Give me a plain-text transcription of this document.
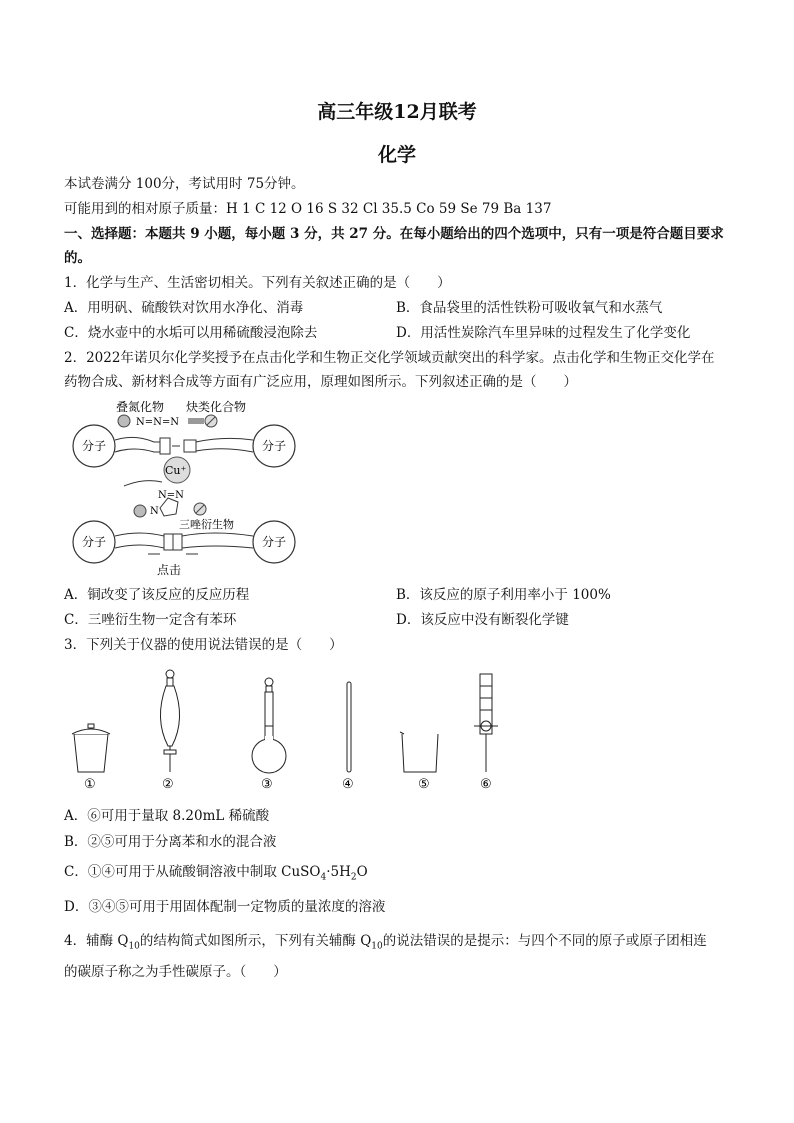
高三年级12月联考
化学
本试卷满分 100分，考试用时 75分钟。
可能用到的相对原子质量：H 1 C 12 O 16 S 32 Cl 35.5 Co 59 Se 79 Ba 137
一、选择题：本题共 9 小题，每小题 3 分，共 27 分。在每小题给出的四个选项中，只有一项是符合题目要求
的。
1．化学与生产、生活密切相关。下列有关叙述正确的是（　　）
A．用明矾、硫酸铁对饮用水净化、消毒	B．食品袋里的活性铁粉可吸收氧气和水蒸气
C．烧水壶中的水垢可以用稀硫酸浸泡除去	D．用活性炭除汽车里异味的过程发生了化学变化
2．2022年诺贝尔化学奖授予在点击化学和生物正交化学领域贡献突出的科学家。点击化学和生物正交化学在
药物合成、新材料合成等方面有广泛应用，原理如图所示。下列叙述正确的是（　　）
叠氮化物
N=N=N
炔类化合物
分子	分子
Cu⁺
N=N
N
三唑衍生物
分子	分子
点击
A．铜改变了该反应的反应历程	B．该反应的原子利用率小于 100%
C．三唑衍生物一定含有苯环	D．该反应中没有断裂化学键
3．下列关于仪器的使用说法错误的是（　　）
①	②	③	④	⑤	⑥
A．⑥可用于量取 8.20mL 稀硫酸
B．②⑤可用于分离苯和水的混合液
C．①④可用于从硫酸铜溶液中制取 $CuSO_4\cdot 5H_2O$
D．③④⑤可用于用固体配制一定物质的量浓度的溶液
4．辅酶 $Q_{10}$的结构简式如图所示，下列有关辅酶 $Q_{10}$的说法错误的是提示：与四个不同的原子或原子团相连
的碳原子称之为手性碳原子。（　　）
